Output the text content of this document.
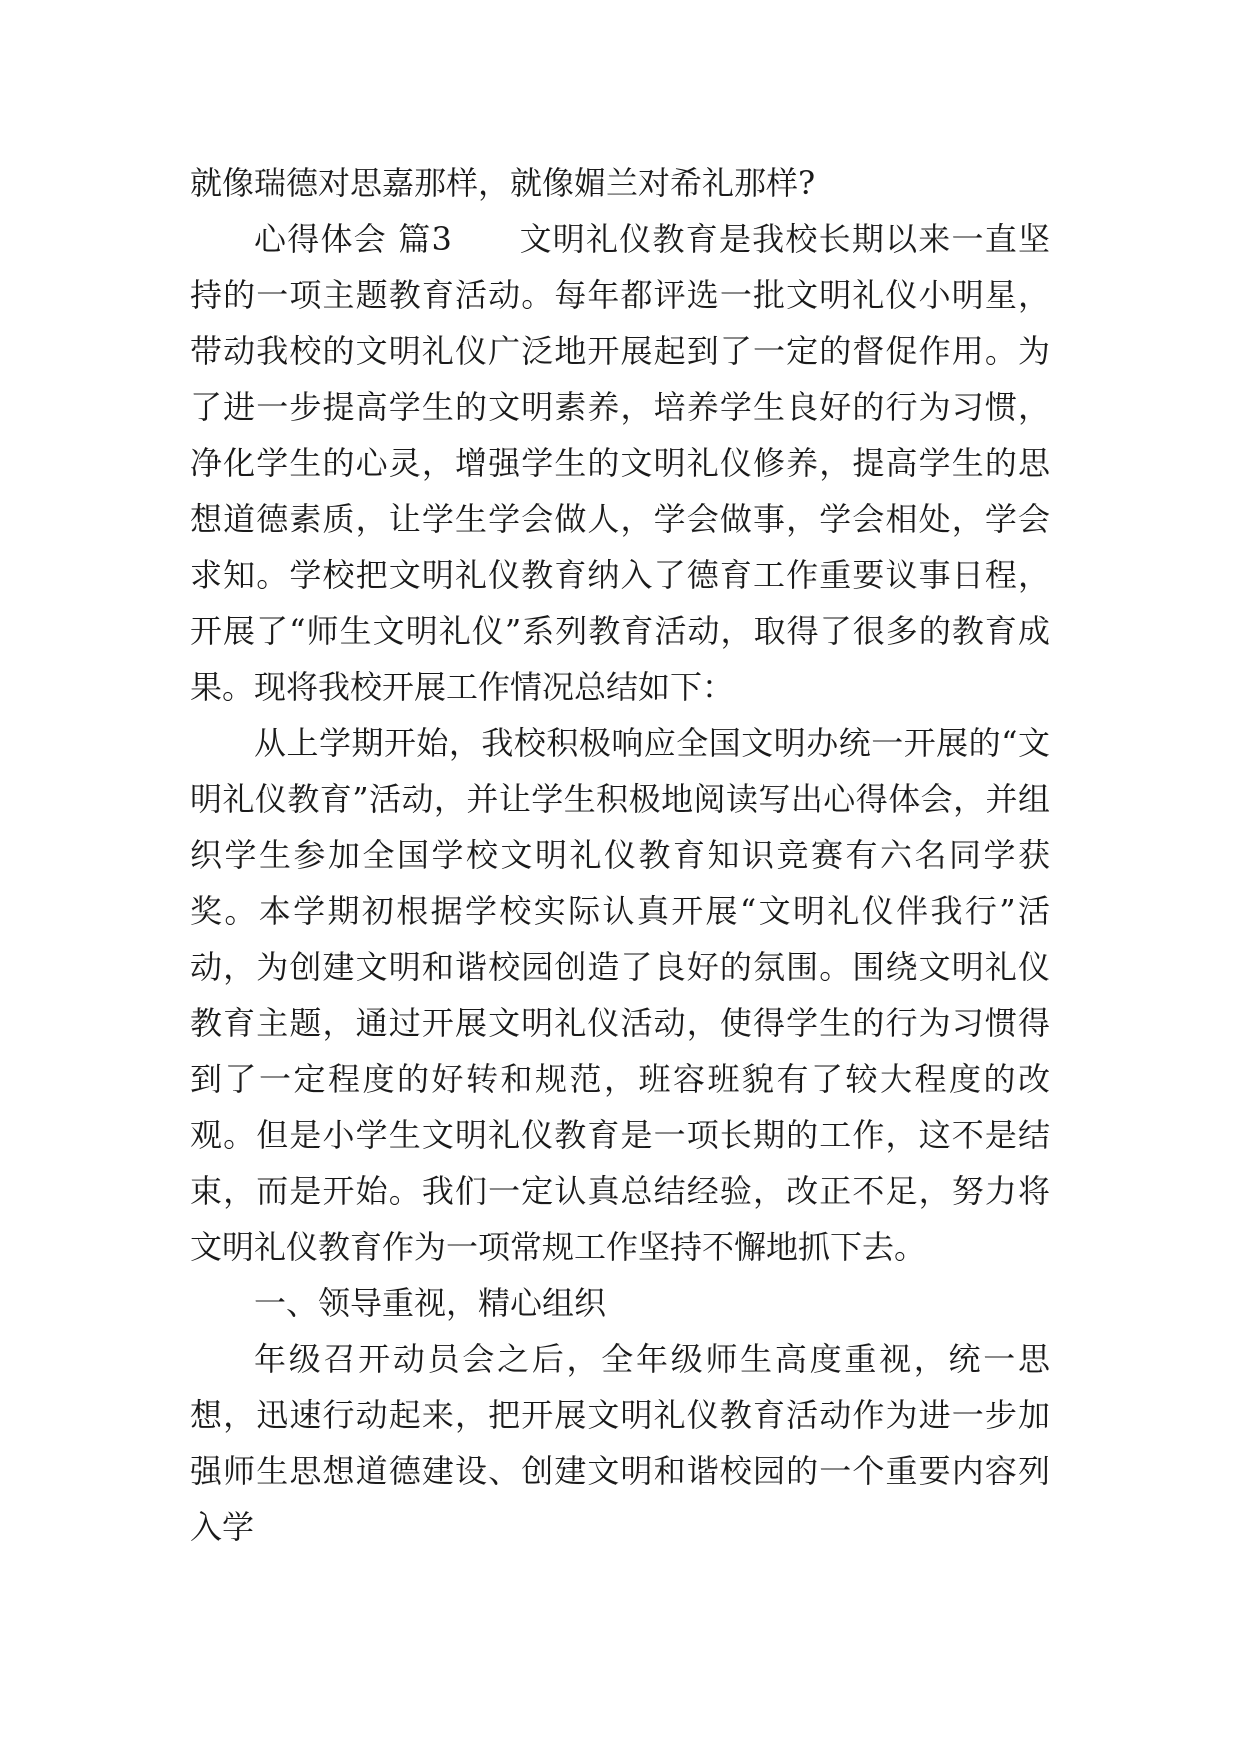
就像瑞德对思嘉那样，就像媚兰对希礼那样?

心得体会 篇3　　文明礼仪教育是我校长期以来一直坚持的一项主题教育活动。每年都评选一批文明礼仪小明星，带动我校的文明礼仪广泛地开展起到了一定的督促作用。为了进一步提高学生的文明素养，培养学生良好的行为习惯，净化学生的心灵，增强学生的文明礼仪修养，提高学生的思想道德素质，让学生学会做人，学会做事，学会相处，学会求知。学校把文明礼仪教育纳入了德育工作重要议事日程，开展了“师生文明礼仪”系列教育活动，取得了很多的教育成果。现将我校开展工作情况总结如下：

从上学期开始，我校积极响应全国文明办统一开展的“文明礼仪教育”活动，并让学生积极地阅读写出心得体会，并组织学生参加全国学校文明礼仪教育知识竞赛有六名同学获奖。本学期初根据学校实际认真开展“文明礼仪伴我行”活动，为创建文明和谐校园创造了良好的氛围。围绕文明礼仪教育主题，通过开展文明礼仪活动，使得学生的行为习惯得到了一定程度的好转和规范，班容班貌有了较大程度的改观。但是小学生文明礼仪教育是一项长期的工作，这不是结束，而是开始。我们一定认真总结经验，改正不足，努力将文明礼仪教育作为一项常规工作坚持不懈地抓下去。

一、领导重视，精心组织

年级召开动员会之后，全年级师生高度重视，统一思想，迅速行动起来，把开展文明礼仪教育活动作为进一步加强师生思想道德建设、创建文明和谐校园的一个重要内容列入学
